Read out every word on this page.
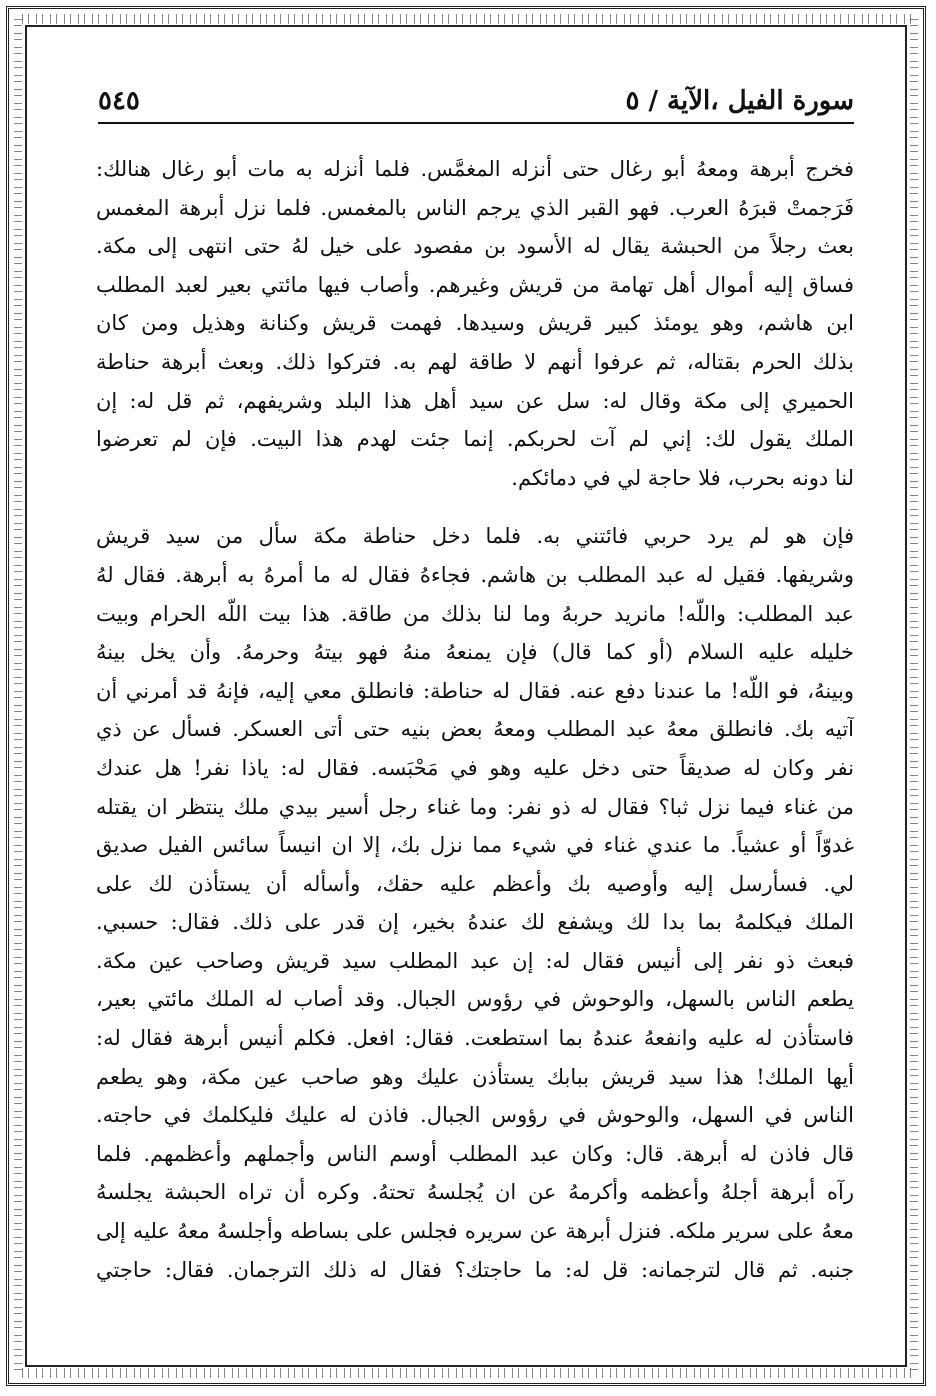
سورة الفيل ،الآية / ٥
٥٤٥

فخرج أبرهة ومعهُ أبو رغال حتى أنزله المغمَّس. فلما أنزله به مات أبو رغال هنالك:

فَرَجمتْ قبرَهُ العرب. فهو القبر الذي يرجم الناس بالمغمس. فلما نزل أبرهة المغمس

بعث رجلاً من الحبشة يقال له الأسود بن مفصود على خيل لهُ حتى انتهى إلى مكة.

فساق إليه أموال أهل تهامة من قريش وغيرهم. وأصاب فيها مائتي بعير لعبد المطلب

ابن هاشم، وهو يومئذ كبير قريش وسيدها. فهمت قريش وكنانة وهذيل ومن كان

بذلك الحرم بقتاله، ثم عرفوا أنهم لا طاقة لهم به. فتركوا ذلك. وبعث أبرهة حناطة

الحميري إلى مكة وقال له: سل عن سيد أهل هذا البلد وشريفهم، ثم قل له: إن

الملك يقول لك: إني لم آت لحربكم. إنما جئت لهدم هذا البيت. فإن لم تعرضوا

لنا دونه بحرب، فلا حاجة لي في دمائكم.

فإن هو لم يرد حربي فائتني به. فلما دخل حناطة مكة سأل من سيد قريش

وشريفها. فقيل له عبد المطلب بن هاشم. فجاءهُ فقال له ما أمرهُ به أبرهة. فقال لهُ

عبد المطلب: واللّه! مانريد حربهُ وما لنا بذلك من طاقة. هذا بيت اللّه الحرام وبيت

خليله عليه السلام (أو كما قال) فإن يمنعهُ منهُ فهو بيتهُ وحرمهُ. وأن يخل بينهُ

وبينهُ، فو اللّه! ما عندنا دفع عنه. فقال له حناطة: فانطلق معي إليه، فإنهُ قد أمرني أن

آتيه بك. فانطلق معهُ عبد المطلب ومعهُ بعض بنيه حتى أتى العسكر. فسأل عن ذي

نفر وكان له صديقاً حتى دخل عليه وهو في مَحْبَسه. فقال له: ياذا نفر! هل عندك

من غناء فيما نزل ثبا؟ فقال له ذو نفر: وما غناء رجل أسير بيدي ملك ينتظر ان يقتله

غدوّاً أو عشياً. ما عندي غناء في شيء مما نزل بك، إلا ان انيساً سائس الفيل صديق

لي. فسأرسل إليه وأوصيه بك وأعظم عليه حقك، وأسأله أن يستأذن لك على

الملك فيكلمهُ بما بدا لك ويشفع لك عندهُ بخير، إن قدر على ذلك. فقال: حسبي.

فبعث ذو نفر إلى أنيس فقال له: إن عبد المطلب سيد قريش وصاحب عين مكة.

يطعم الناس بالسهل، والوحوش في رؤوس الجبال. وقد أصاب له الملك مائتي بعير،

فاستأذن له عليه وانفعهُ عندهُ بما استطعت. فقال: افعل. فكلم أنيس أبرهة فقال له:

أيها الملك! هذا سيد قريش ببابك يستأذن عليك وهو صاحب عين مكة، وهو يطعم

الناس في السهل، والوحوش في رؤوس الجبال. فاذن له عليك فليكلمك في حاجته.

قال فاذن له أبرهة. قال: وكان عبد المطلب أوسم الناس وأجملهم وأعظمهم. فلما

رآه أبرهة أجلهُ وأعظمه وأكرمهُ عن ان يُجلسهُ تحتهُ. وكره أن تراه الحبشة يجلسهُ

معهُ على سرير ملكه. فنزل أبرهة عن سريره فجلس على بساطه وأجلسهُ معهُ عليه إلى

جنبه. ثم قال لترجمانه: قل له: ما حاجتك؟ فقال له ذلك الترجمان. فقال: حاجتي
